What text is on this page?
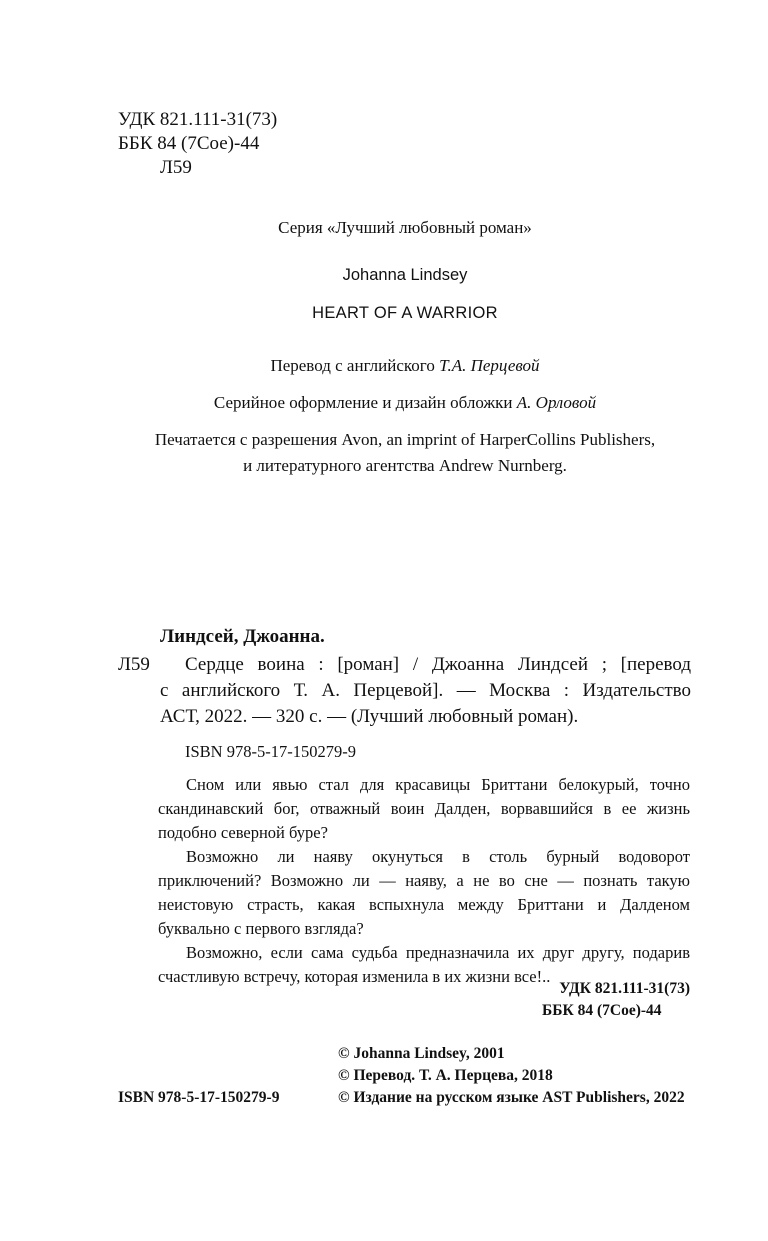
УДК 821.111-31(73)
ББК 84 (7Сое)-44
Л59
Серия «Лучший любовный роман»
Johanna Lindsey
HEART OF A WARRIOR
Перевод с английского Т.А. Перцевой
Серийное оформление и дизайн обложки А. Орловой
Печатается с разрешения Avon, an imprint of HarperCollins Publishers,
и литературного агентства Andrew Nurnberg.
Линдсей, Джоанна.
Л59 Сердце воина : [роман] / Джоанна Линдсей ; [перевод
с английского Т. А. Перцевой]. — Москва : Издательство
АСТ, 2022. — 320 с. — (Лучший любовный роман).
ISBN 978-5-17-150279-9

Сном или явью стал для красавицы Бриттани белокурый, точно скандинавский бог, отважный воин Далден, ворвавшийся в ее жизнь подобно северной буре?

Возможно ли наяву окунуться в столь бурный водоворот приключений? Возможно ли — наяву, а не во сне — познать такую неистовую страсть, какая вспыхнула между Бриттани и Далденом буквально с первого взгляда?

Возможно, если сама судьба предназначила их друг другу, подарив счастливую встречу, которая изменила в их жизни все!..

УДК 821.111-31(73)
ББК 84 (7Сое)-44
© Johanna Lindsey, 2001
© Перевод. Т. А. Перцева, 2018
© Издание на русском языке AST Publishers, 2022
ISBN 978-5-17-150279-9
